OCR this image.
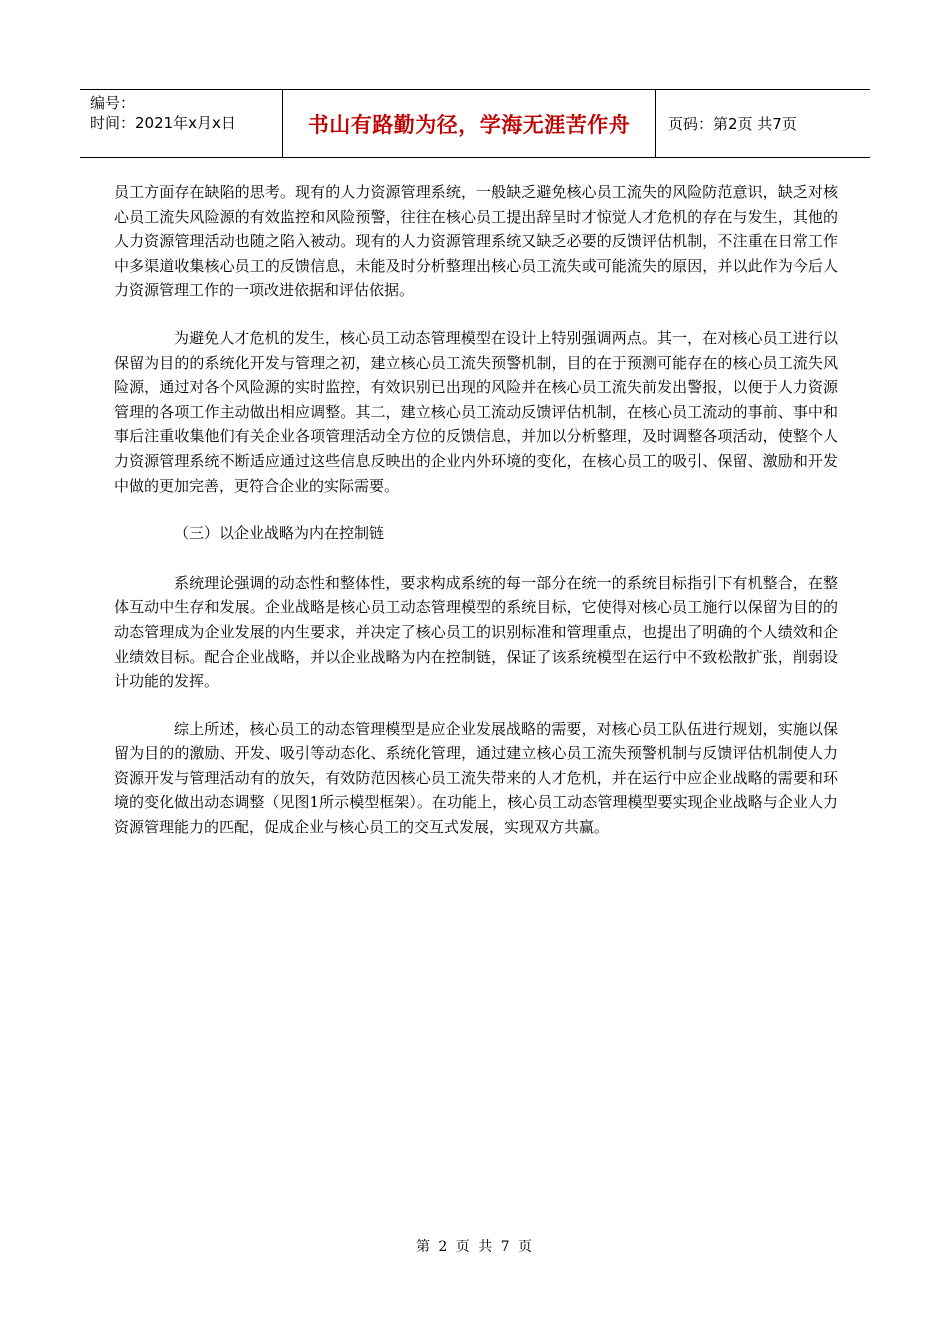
编号：
时间：2021年x月x日	书山有路勤为径，学海无涯苦作舟	页码：第2页 共7页

员工方面存在缺陷的思考。现有的人力资源管理系统，一般缺乏避免核心员工流失的风险防范意识，缺乏对核心员工流失风险源的有效监控和风险预警，往往在核心员工提出辞呈时才惊觉人才危机的存在与发生，其他的人力资源管理活动也随之陷入被动。现有的人力资源管理系统又缺乏必要的反馈评估机制，不注重在日常工作中多渠道收集核心员工的反馈信息，未能及时分析整理出核心员工流失或可能流失的原因，并以此作为今后人力资源管理工作的一项改进依据和评估依据。

为避免人才危机的发生，核心员工动态管理模型在设计上特别强调两点。其一，在对核心员工进行以保留为目的的系统化开发与管理之初，建立核心员工流失预警机制，目的在于预测可能存在的核心员工流失风险源，通过对各个风险源的实时监控，有效识别已出现的风险并在核心员工流失前发出警报，以便于人力资源管理的各项工作主动做出相应调整。其二，建立核心员工流动反馈评估机制，在核心员工流动的事前、事中和事后注重收集他们有关企业各项管理活动全方位的反馈信息，并加以分析整理，及时调整各项活动，使整个人力资源管理系统不断适应通过这些信息反映出的企业内外环境的变化，在核心员工的吸引、保留、激励和开发中做的更加完善，更符合企业的实际需要。

（三）以企业战略为内在控制链

系统理论强调的动态性和整体性，要求构成系统的每一部分在统一的系统目标指引下有机整合，在整体互动中生存和发展。企业战略是核心员工动态管理模型的系统目标，它使得对核心员工施行以保留为目的的动态管理成为企业发展的内生要求，并决定了核心员工的识别标准和管理重点，也提出了明确的个人绩效和企业绩效目标。配合企业战略，并以企业战略为内在控制链，保证了该系统模型在运行中不致松散扩张，削弱设计功能的发挥。

综上所述，核心员工的动态管理模型是应企业发展战略的需要，对核心员工队伍进行规划，实施以保留为目的的激励、开发、吸引等动态化、系统化管理，通过建立核心员工流失预警机制与反馈评估机制使人力资源开发与管理活动有的放矢，有效防范因核心员工流失带来的人才危机，并在运行中应企业战略的需要和环境的变化做出动态调整（见图1所示模型框架）。在功能上，核心员工动态管理模型要实现企业战略与企业人力资源管理能力的匹配，促成企业与核心员工的交互式发展，实现双方共赢。

第 2 页 共 7 页
